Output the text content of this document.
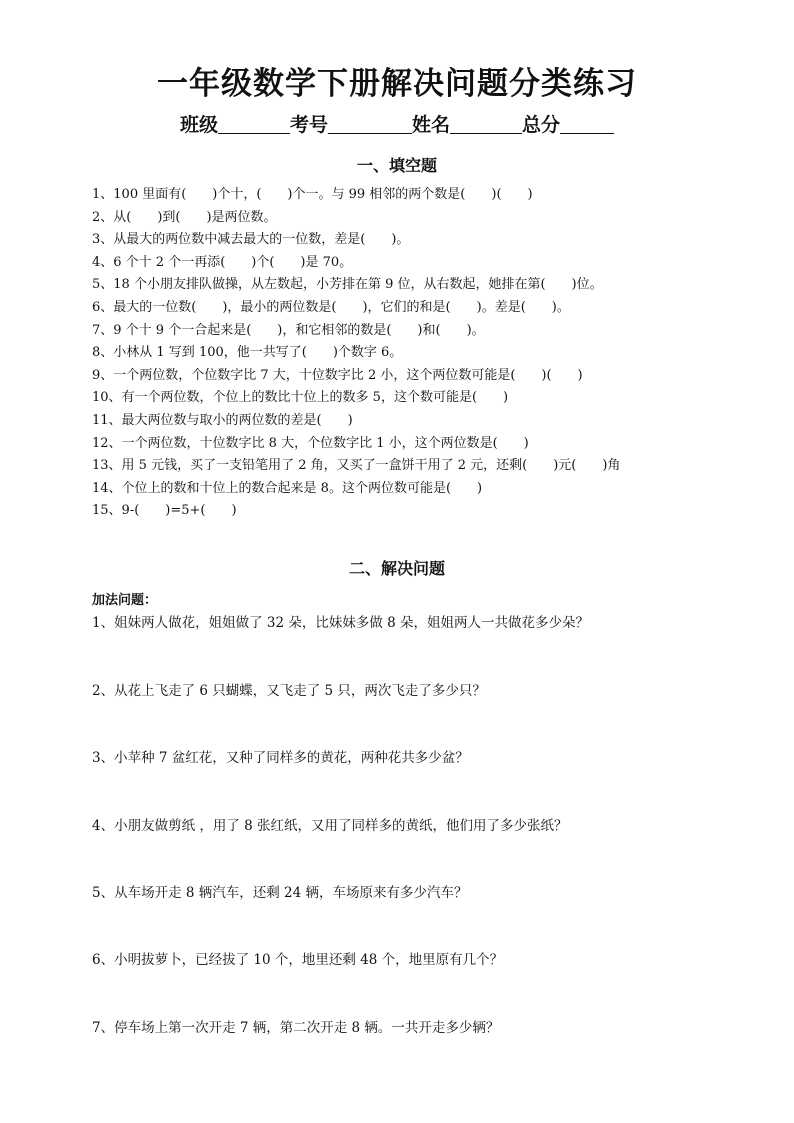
一年级数学下册解决问题分类练习
班级	考号	姓名	总分
一、填空题
1、100 里面有(　　)个十，(　　)个一。与 99 相邻的两个数是(　　)(　　)
2、从(　　)到(　　)是两位数。
3、从最大的两位数中减去最大的一位数，差是(　　)。
4、6 个十 2 个一再添(　　)个(　　)是 70。
5、18 个小朋友排队做操，从左数起，小芳排在第 9 位，从右数起，她排在第(　　)位。
6、最大的一位数(　　)，最小的两位数是(　　)，它们的和是(　　)。差是(　　)。
7、9 个十 9 个一合起来是(　　)，和它相邻的数是(　　)和(　　)。
8、小林从 1 写到 100，他一共写了(　　)个数字 6。
9、一个两位数，个位数字比 7 大，十位数字比 2 小，这个两位数可能是(　　)(　　)
10、有一个两位数，个位上的数比十位上的数多 5，这个数可能是(　　)
11、最大两位数与取小的两位数的差是(　　)
12、一个两位数，十位数字比 8 大，个位数字比 1 小，这个两位数是(　　)
13、用 5 元钱，买了一支铅笔用了 2 角，又买了一盒饼干用了 2 元，还剩(　　)元(　　)角
14、个位上的数和十位上的数合起来是 8。这个两位数可能是(　　)
15、9-(　　)=5+(　　)
二、解决问题
加法问题：
1、姐妹两人做花，姐姐做了 32 朵，比妹妹多做 8 朵，姐姐两人一共做花多少朵？
2、从花上飞走了 6 只蝴蝶，又飞走了 5 只，两次飞走了多少只？
3、小苹种 7 盆红花，又种了同样多的黄花，两种花共多少盆？
4、小朋友做剪纸 ，用了 8 张红纸，又用了同样多的黄纸，他们用了多少张纸？
5、从车场开走 8 辆汽车，还剩 24 辆，车场原来有多少汽车？
6、小明拔萝卜，已经拔了 10 个，地里还剩 48 个，地里原有几个？
7、停车场上第一次开走 7 辆，第二次开走 8 辆。一共开走多少辆？
